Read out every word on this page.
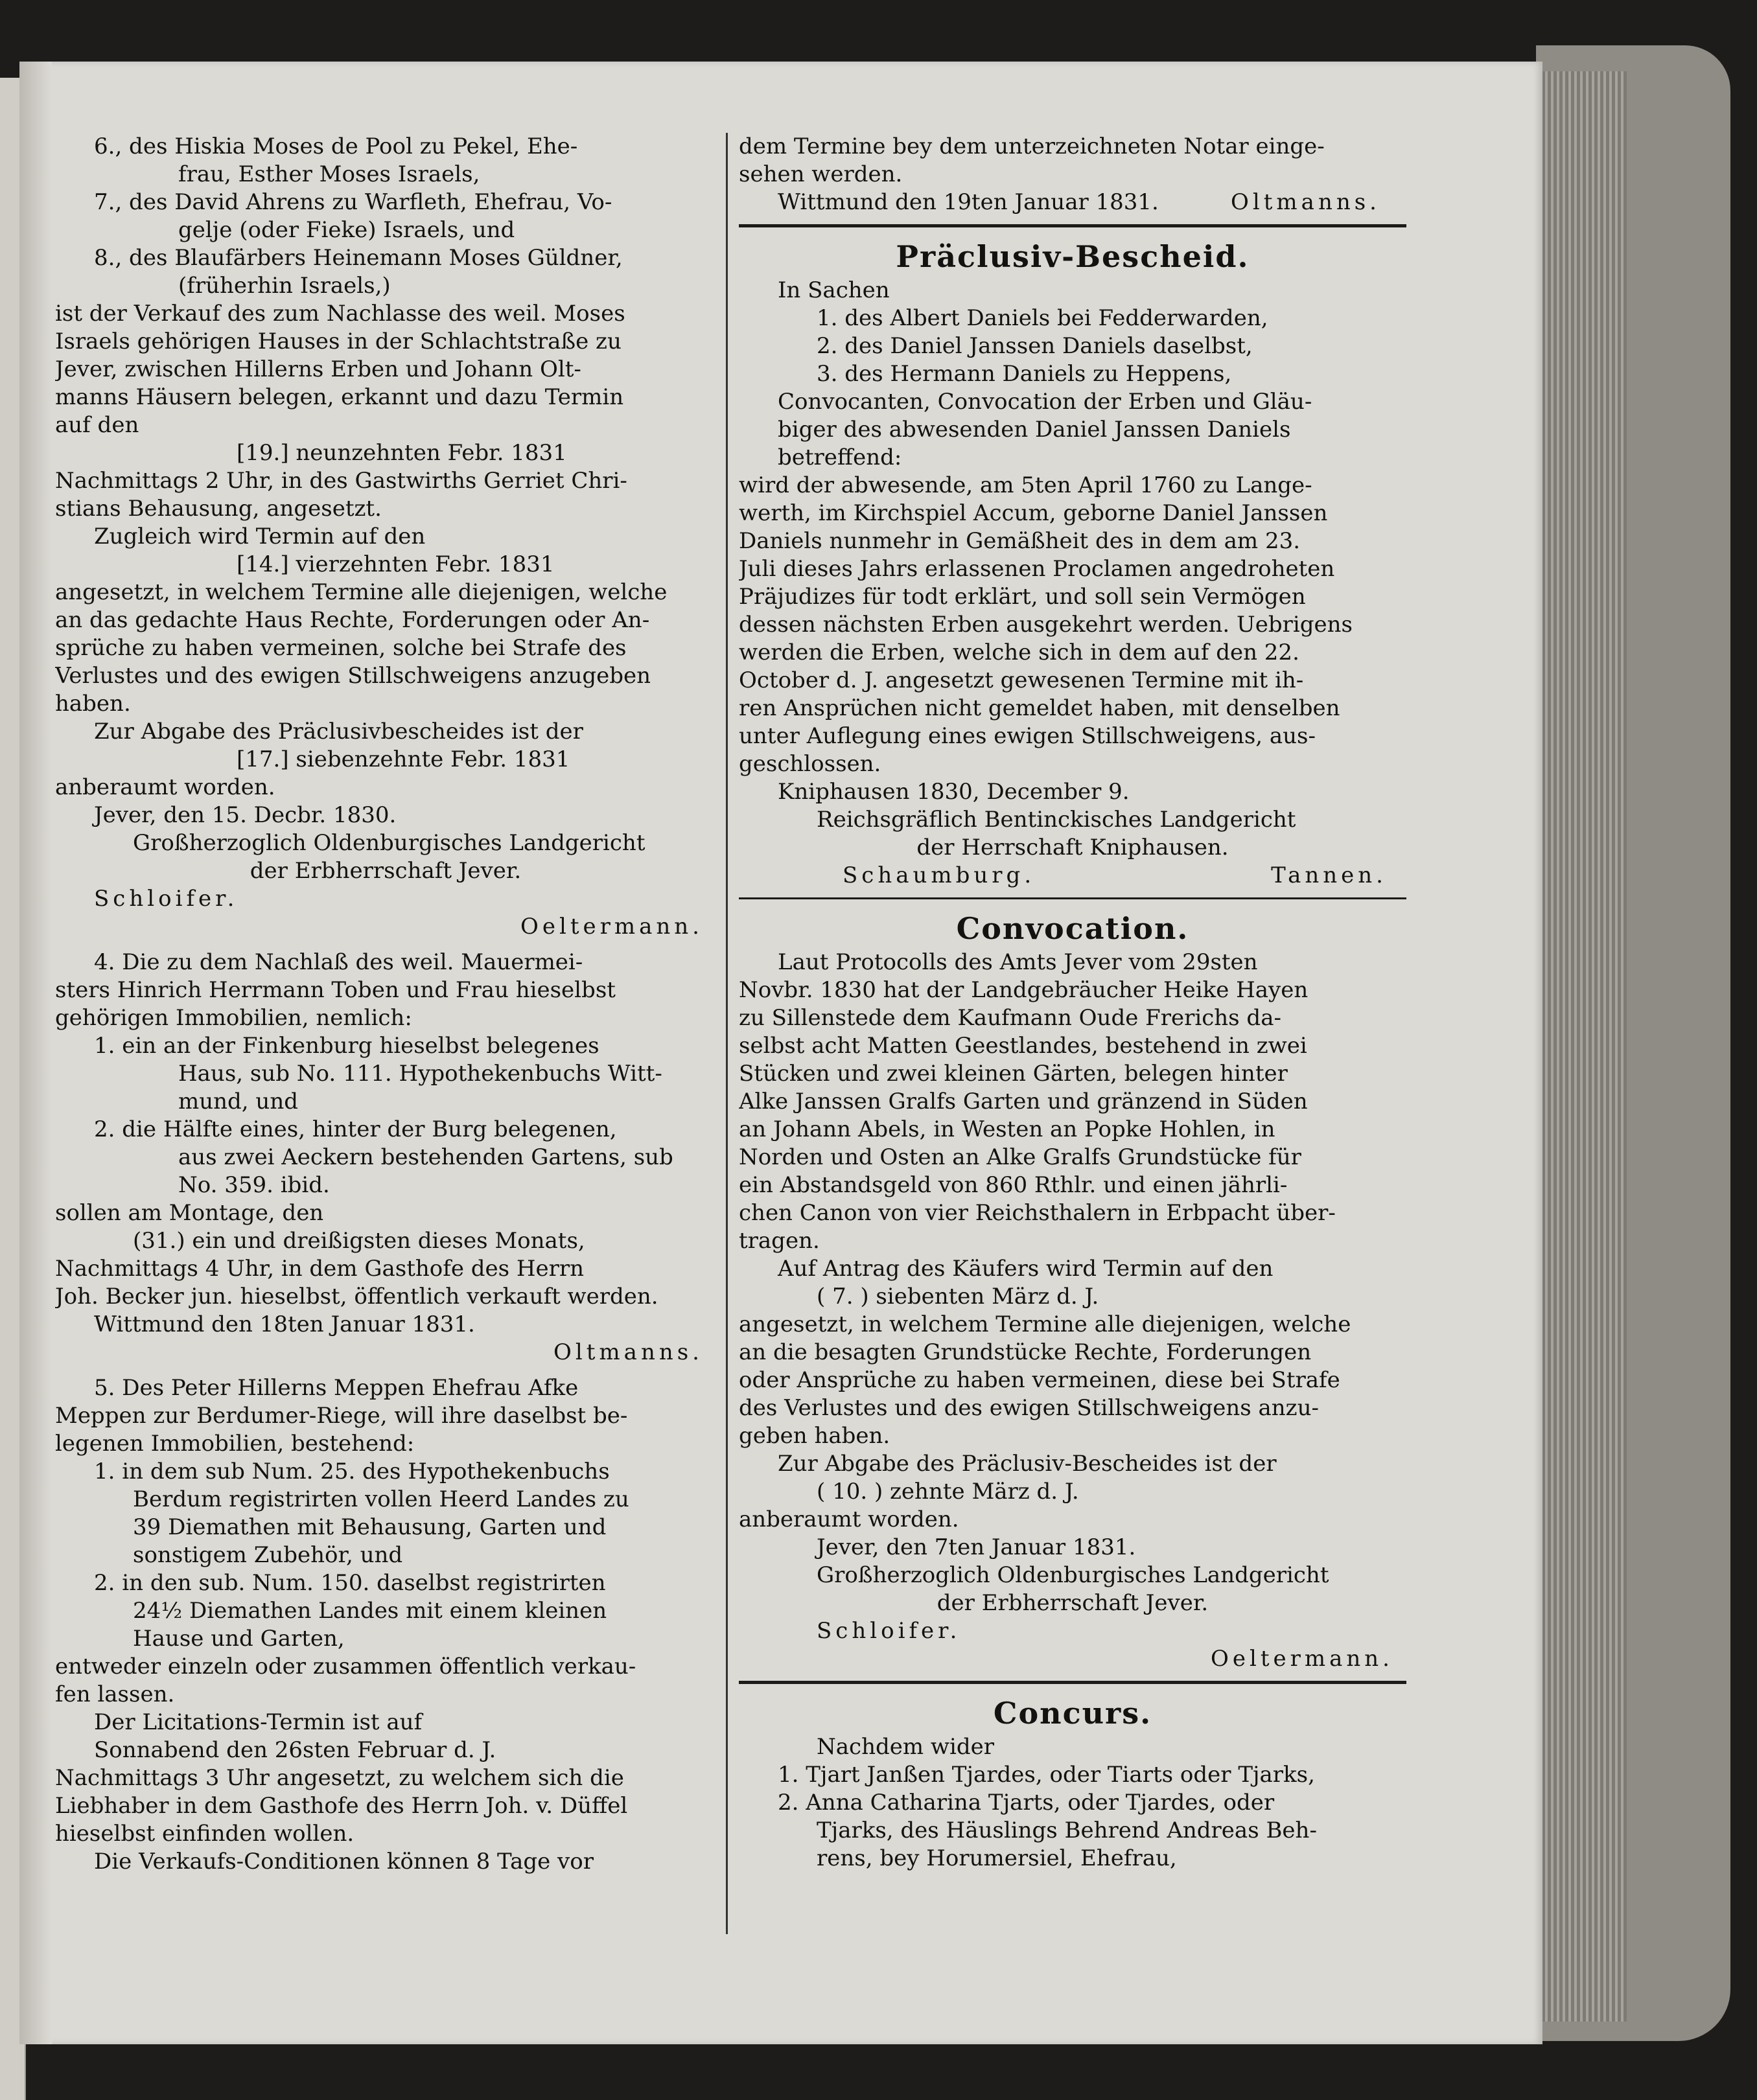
6., des Hiskia Moses de Pool zu Pekel, Ehe-
frau, Esther Moses Israels,
7., des David Ahrens zu Warfleth, Ehefrau, Vo-
gelje (oder Fieke) Israels, und
8., des Blaufärbers Heinemann Moses Güldner,
(früherhin Israels,)
ist der Verkauf des zum Nachlasse des weil. Moses
Israels gehörigen Hauses in der Schlachtstraße zu
Jever, zwischen Hillerns Erben und Johann Olt-
manns Häusern belegen, erkannt und dazu Termin
auf den
[19.] neunzehnten Febr. 1831
Nachmittags 2 Uhr, in des Gastwirths Gerriet Chri-
stians Behausung, angesetzt.
Zugleich wird Termin auf den
[14.] vierzehnten Febr. 1831
angesetzt, in welchem Termine alle diejenigen, welche
an das gedachte Haus Rechte, Forderungen oder An-
sprüche zu haben vermeinen, solche bei Strafe des
Verlustes und des ewigen Stillschweigens anzugeben
haben.
Zur Abgabe des Präclusivbescheides ist der
[17.] siebenzehnte Febr. 1831
anberaumt worden.
Jever, den 15. Decbr. 1830.
Großherzoglich Oldenburgisches Landgericht
der Erbherrschaft Jever.
Schloifer.
Oeltermann.
4. Die zu dem Nachlaß des weil. Mauermei-
sters Hinrich Herrmann Toben und Frau hieselbst
gehörigen Immobilien, nemlich:
1. ein an der Finkenburg hieselbst belegenes
Haus, sub No. 111. Hypothekenbuchs Witt-
mund, und
2. die Hälfte eines, hinter der Burg belegenen,
aus zwei Aeckern bestehenden Gartens, sub
No. 359. ibid.
sollen am Montage, den
(31.) ein und dreißigsten dieses Monats,
Nachmittags 4 Uhr, in dem Gasthofe des Herrn
Joh. Becker jun. hieselbst, öffentlich verkauft werden.
Wittmund den 18ten Januar 1831.
Oltmanns.
5. Des Peter Hillerns Meppen Ehefrau Afke
Meppen zur Berdumer-Riege, will ihre daselbst be-
legenen Immobilien, bestehend:
1. in dem sub Num. 25. des Hypothekenbuchs
Berdum registrirten vollen Heerd Landes zu
39 Diemathen mit Behausung, Garten und
sonstigem Zubehör, und
2. in den sub. Num. 150. daselbst registrirten
24½ Diemathen Landes mit einem kleinen
Hause und Garten,
entweder einzeln oder zusammen öffentlich verkau-
fen lassen.
Der Licitations-Termin ist auf
Sonnabend den 26sten Februar d. J.
Nachmittags 3 Uhr angesetzt, zu welchem sich die
Liebhaber in dem Gasthofe des Herrn Joh. v. Düffel
hieselbst einfinden wollen.
Die Verkaufs-Conditionen können 8 Tage vor
dem Termine bey dem unterzeichneten Notar einge-
sehen werden.
Wittmund den 19ten Januar 1831.	Oltmanns.
Präclusiv-Bescheid.
In Sachen
1. des Albert Daniels bei Fedderwarden,
2. des Daniel Janssen Daniels daselbst,
3. des Hermann Daniels zu Heppens,
Convocanten, Convocation der Erben und Gläu-
biger des abwesenden Daniel Janssen Daniels
betreffend:
wird der abwesende, am 5ten April 1760 zu Lange-
werth, im Kirchspiel Accum, geborne Daniel Janssen
Daniels nunmehr in Gemäßheit des in dem am 23.
Juli dieses Jahrs erlassenen Proclamen angedroheten
Präjudizes für todt erklärt, und soll sein Vermögen
dessen nächsten Erben ausgekehrt werden. Uebrigens
werden die Erben, welche sich in dem auf den 22.
October d. J. angesetzt gewesenen Termine mit ih-
ren Ansprüchen nicht gemeldet haben, mit denselben
unter Auflegung eines ewigen Stillschweigens, aus-
geschlossen.
Kniphausen 1830, December 9.
Reichsgräflich Bentinckisches Landgericht
der Herrschaft Kniphausen.
Schaumburg.	Tannen.
Convocation.
Laut Protocolls des Amts Jever vom 29sten
Novbr. 1830 hat der Landgebräucher Heike Hayen
zu Sillenstede dem Kaufmann Oude Frerichs da-
selbst acht Matten Geestlandes, bestehend in zwei
Stücken und zwei kleinen Gärten, belegen hinter
Alke Janssen Gralfs Garten und gränzend in Süden
an Johann Abels, in Westen an Popke Hohlen, in
Norden und Osten an Alke Gralfs Grundstücke für
ein Abstandsgeld von 860 Rthlr. und einen jährli-
chen Canon von vier Reichsthalern in Erbpacht über-
tragen.
Auf Antrag des Käufers wird Termin auf den
( 7. ) siebenten März d. J.
angesetzt, in welchem Termine alle diejenigen, welche
an die besagten Grundstücke Rechte, Forderungen
oder Ansprüche zu haben vermeinen, diese bei Strafe
des Verlustes und des ewigen Stillschweigens anzu-
geben haben.
Zur Abgabe des Präclusiv-Bescheides ist der
( 10. ) zehnte März d. J.
anberaumt worden.
Jever, den 7ten Januar 1831.
Großherzoglich Oldenburgisches Landgericht
der Erbherrschaft Jever.
Schloifer.
Oeltermann.
Concurs.
Nachdem wider
1. Tjart Janßen Tjardes, oder Tiarts oder Tjarks,
2. Anna Catharina Tjarts, oder Tjardes, oder
Tjarks, des Häuslings Behrend Andreas Beh-
rens, bey Horumersiel, Ehefrau,
